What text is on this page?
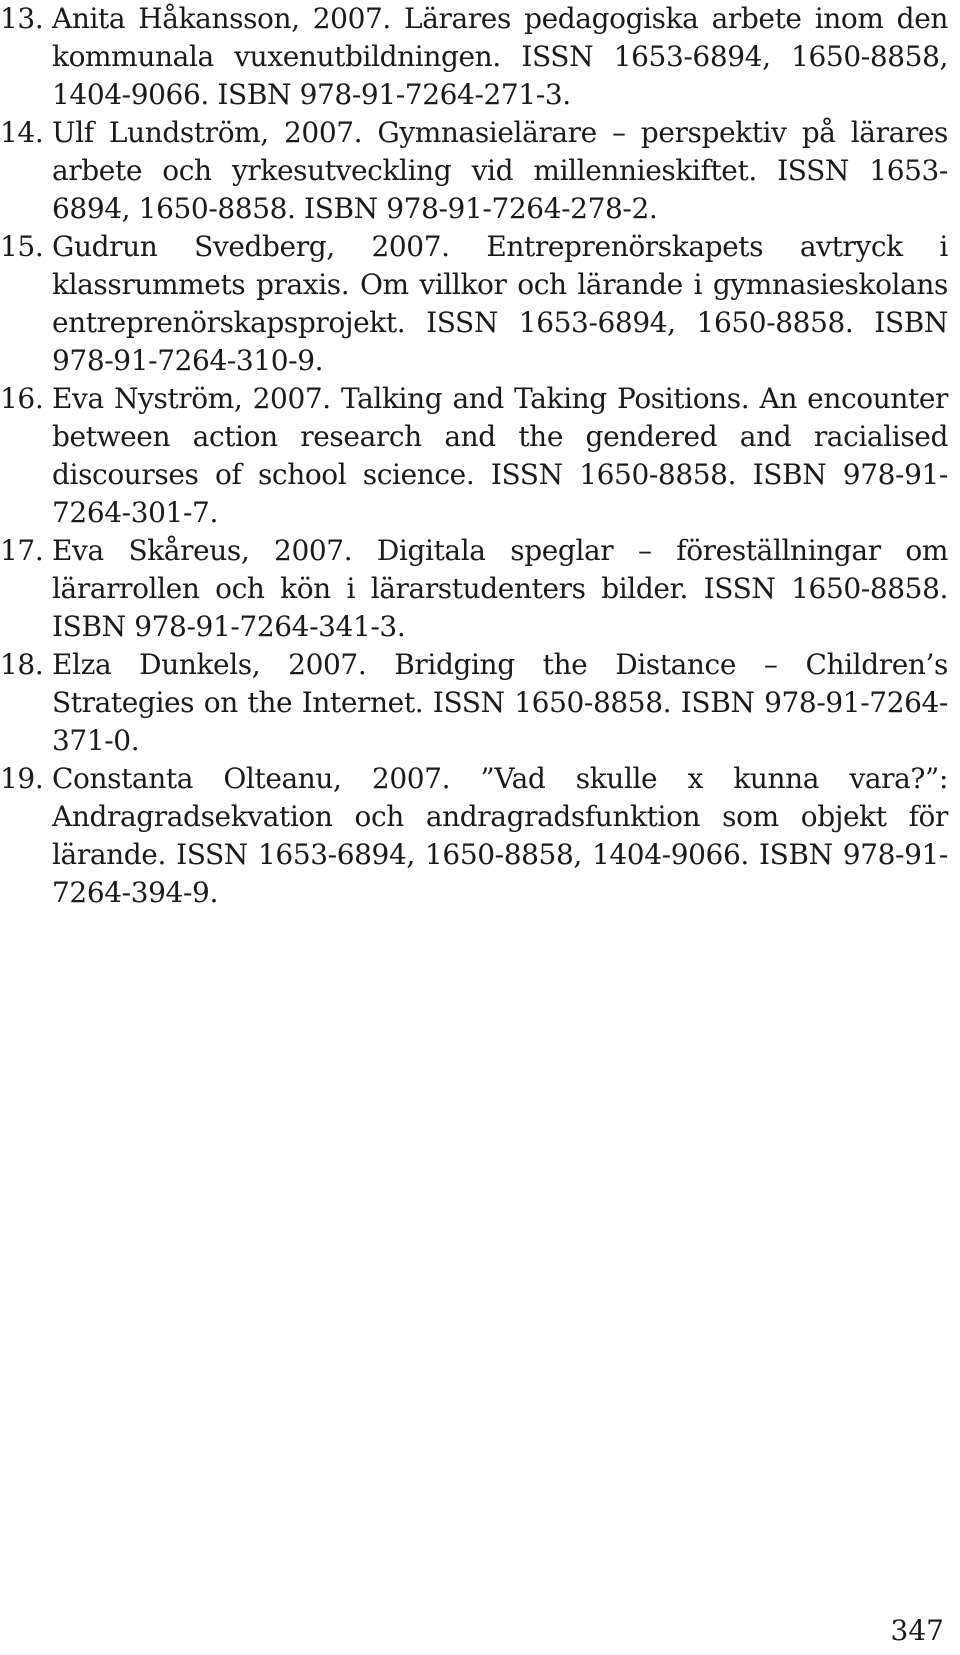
13. Anita Håkansson, 2007. Lärares pedagogiska arbete inom den kommunala vuxenutbildningen. ISSN 1653-6894, 1650-8858, 1404-9066. ISBN 978-91-7264-271-3.
14. Ulf Lundström, 2007. Gymnasielärare – perspektiv på lärares arbete och yrkesutveckling vid millennieskiftet. ISSN 1653-6894, 1650-8858. ISBN 978-91-7264-278-2.
15. Gudrun Svedberg, 2007. Entreprenörskapets avtryck i klassrummets praxis. Om villkor och lärande i gymnasieskolans entreprenörskapsprojekt. ISSN 1653-6894, 1650-8858. ISBN 978-91-7264-310-9.
16. Eva Nyström, 2007. Talking and Taking Positions. An encounter between action research and the gendered and racialised discourses of school science. ISSN 1650-8858. ISBN 978-91-7264-301-7.
17. Eva Skåreus, 2007. Digitala speglar – föreställningar om lärarrollen och kön i lärarstudenters bilder. ISSN 1650-8858. ISBN 978-91-7264-341-3.
18. Elza Dunkels, 2007. Bridging the Distance – Children’s Strategies on the Internet. ISSN 1650-8858. ISBN 978-91-7264-371-0.
19. Constanta Olteanu, 2007. ”Vad skulle x kunna vara?”: Andragradsekvation och andragradsfunktion som objekt för lärande. ISSN 1653-6894, 1650-8858, 1404-9066. ISBN 978-91-7264-394-9.
347
